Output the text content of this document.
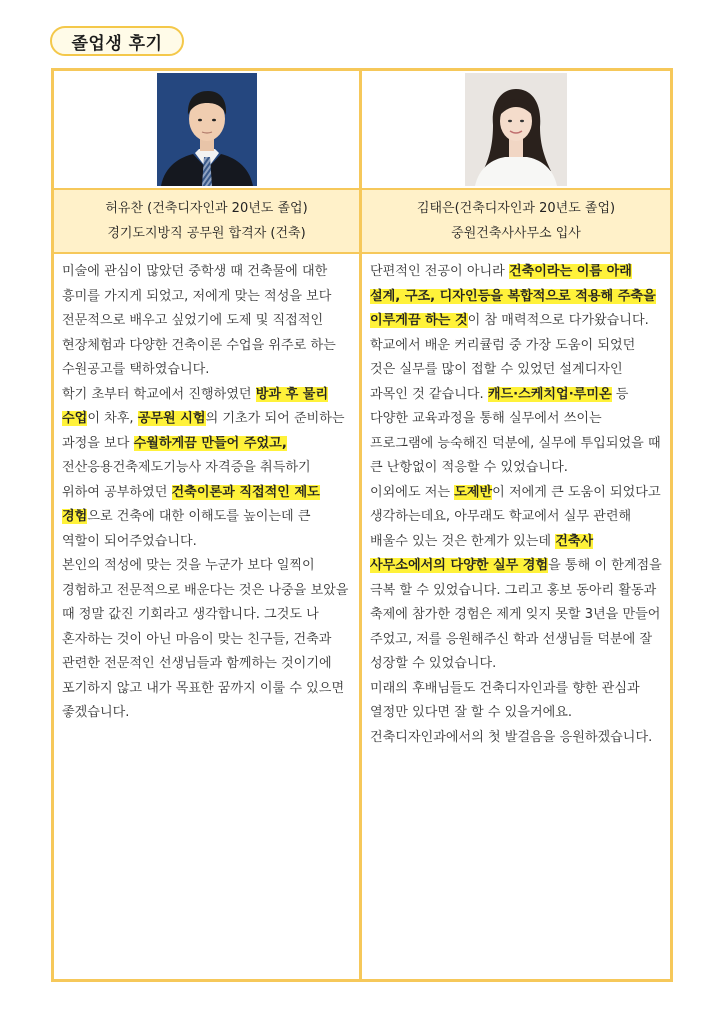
졸업생 후기
허유찬 (건축디자인과 20년도 졸업)
경기도지방직 공무원 합격자 (건축)
김태은(건축디자인과 20년도 졸업)
중원건축사사무소 입사

미술에 관심이 많았던 중학생 때 건축물에 대한 흥미를 가지게 되었고, 저에게 맞는 적성을 보다 전문적으로 배우고 싶었기에 도제 및 직접적인 현장체험과 다양한 건축이론 수업을 위주로 하는 수원공고를 택하였습니다.

학기 초부터 학교에서 진행하였던 방과 후 물리 수업이 차후, 공무원 시험의 기초가 되어 준비하는 과정을 보다 수월하게끔 만들어 주었고, 전산응용건축제도기능사 자격증을 취득하기 위하여 공부하였던 건축이론과 직접적인 제도 경험으로 건축에 대한 이해도를 높이는데 큰 역할이 되어주었습니다.

본인의 적성에 맞는 것을 누군가 보다 일찍이 경험하고 전문적으로 배운다는 것은 나중을 보았을 때 정말 값진 기회라고 생각합니다. 그것도 나 혼자하는 것이 아닌 마음이 맞는 친구들, 건축과 관련한 전문적인 선생님들과 함께하는 것이기에 포기하지 않고 내가 목표한 꿈까지 이룰 수 있으면 좋겠습니다.

단편적인 전공이 아니라 건축이라는 이름 아래 설계, 구조, 디자인등을 복합적으로 적용해 주축을 이루게끔 하는 것이 참 매력적으로 다가왔습니다.

학교에서 배운 커리큘럼 중 가장 도움이 되었던 것은 실무를 많이 접할 수 있었던 설계디자인 과목인 것 같습니다. 캐드·스케치업·루미온 등 다양한 교육과정을 통해 실무에서 쓰이는 프로그램에 능숙해진 덕분에, 실무에 투입되었을 때 큰 난항없이 적응할 수 있었습니다.

이외에도 저는 도제반이 저에게 큰 도움이 되었다고 생각하는데요, 아무래도 학교에서 실무 관련해 배울수 있는 것은 한계가 있는데 건축사 사무소에서의 다양한 실무 경험을 통해 이 한계점을 극복 할 수 있었습니다. 그리고 홍보 동아리 활동과 축제에 참가한 경험은 제게 잊지 못할 3년을 만들어 주었고, 저를 응원해주신 학과 선생님들 덕분에 잘 성장할 수 있었습니다.

미래의 후배님들도 건축디자인과를 향한 관심과 열정만 있다면 잘 할 수 있을거에요. 건축디자인과에서의 첫 발걸음을 응원하겠습니다.
